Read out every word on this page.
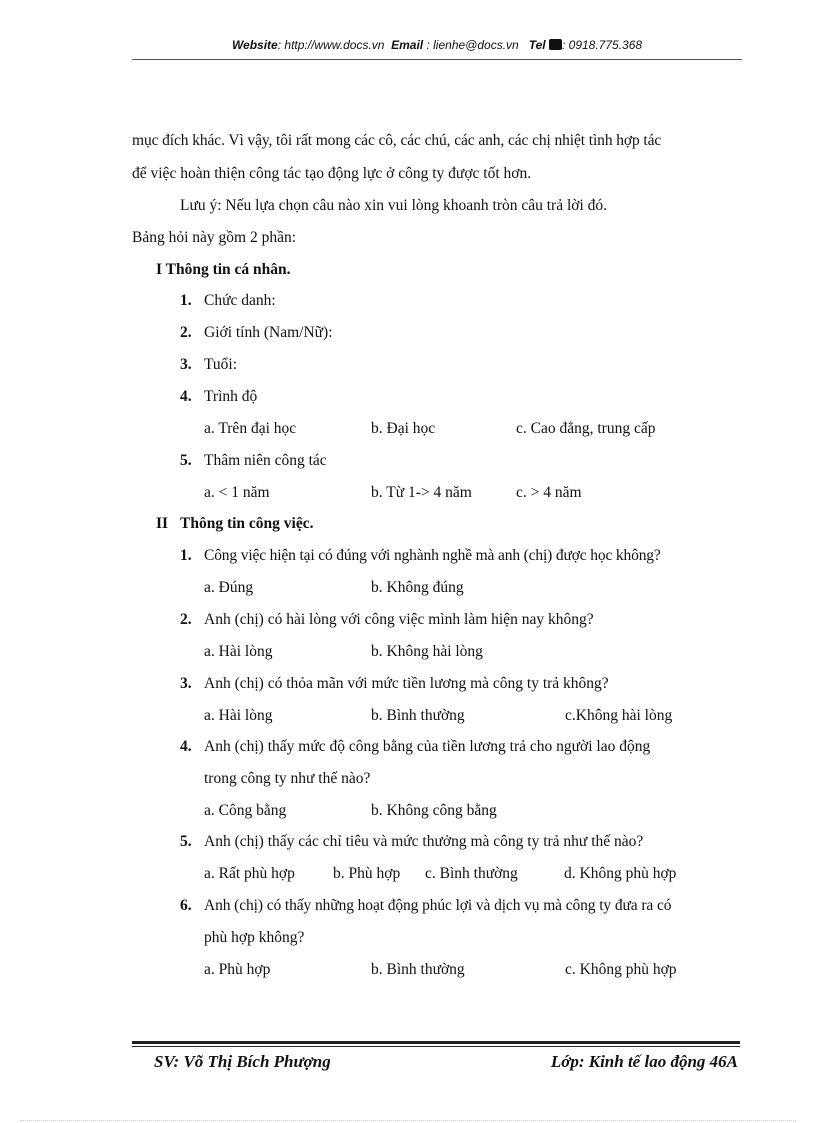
Website: http://www.docs.vn Email : lienhe@docs.vn Tel : 0918.775.368
mục đích khác. Vì vậy, tôi rất mong các cô, các chú, các anh, các chị nhiệt tình hợp tác
để việc hoàn thiện công tác tạo động lực ở công ty được tốt hơn.
Lưu ý: Nếu lựa chọn câu nào xin vui lòng khoanh tròn câu trả lời đó.
Bảng hỏi này gồm 2 phần:
I Thông tin cá nhân.
1. Chức danh:
2. Giới tính (Nam/Nữ):
3. Tuổi:
4. Trình độ
a. Trên đại học	b. Đại học	c. Cao đẳng, trung cấp
5. Thâm niên công tác
a. < 1 năm	b. Từ 1-> 4 năm	c. > 4 năm
II Thông tin công việc.
1. Công việc hiện tại có đúng với nghành nghề mà anh (chị) được học không?
a. Đúng	b. Không đúng
2. Anh (chị) có hài lòng với công việc mình làm hiện nay không?
a. Hài lòng	b. Không hài lòng
3. Anh (chị) có thỏa mãn với mức tiền lương mà công ty trả không?
a. Hài lòng	b. Bình thường	c.Không hài lòng
4. Anh (chị) thấy mức độ công bằng của tiền lương trả cho người lao động
trong công ty như thế nào?
a. Công bằng	b. Không công bằng
5. Anh (chị) thấy các chỉ tiêu và mức thưởng mà công ty trả như thế nào?
a. Rất phù hợp b. Phù hợp c. Bình thường	d. Không phù hợp
6. Anh (chị) có thấy những hoạt động phúc lợi và dịch vụ mà công ty đưa ra có
phù hợp không?
a. Phù hợp	b. Bình thường	c. Không phù hợp
SV: Võ Thị Bích Phượng	Lớp: Kinh tế lao động 46A
